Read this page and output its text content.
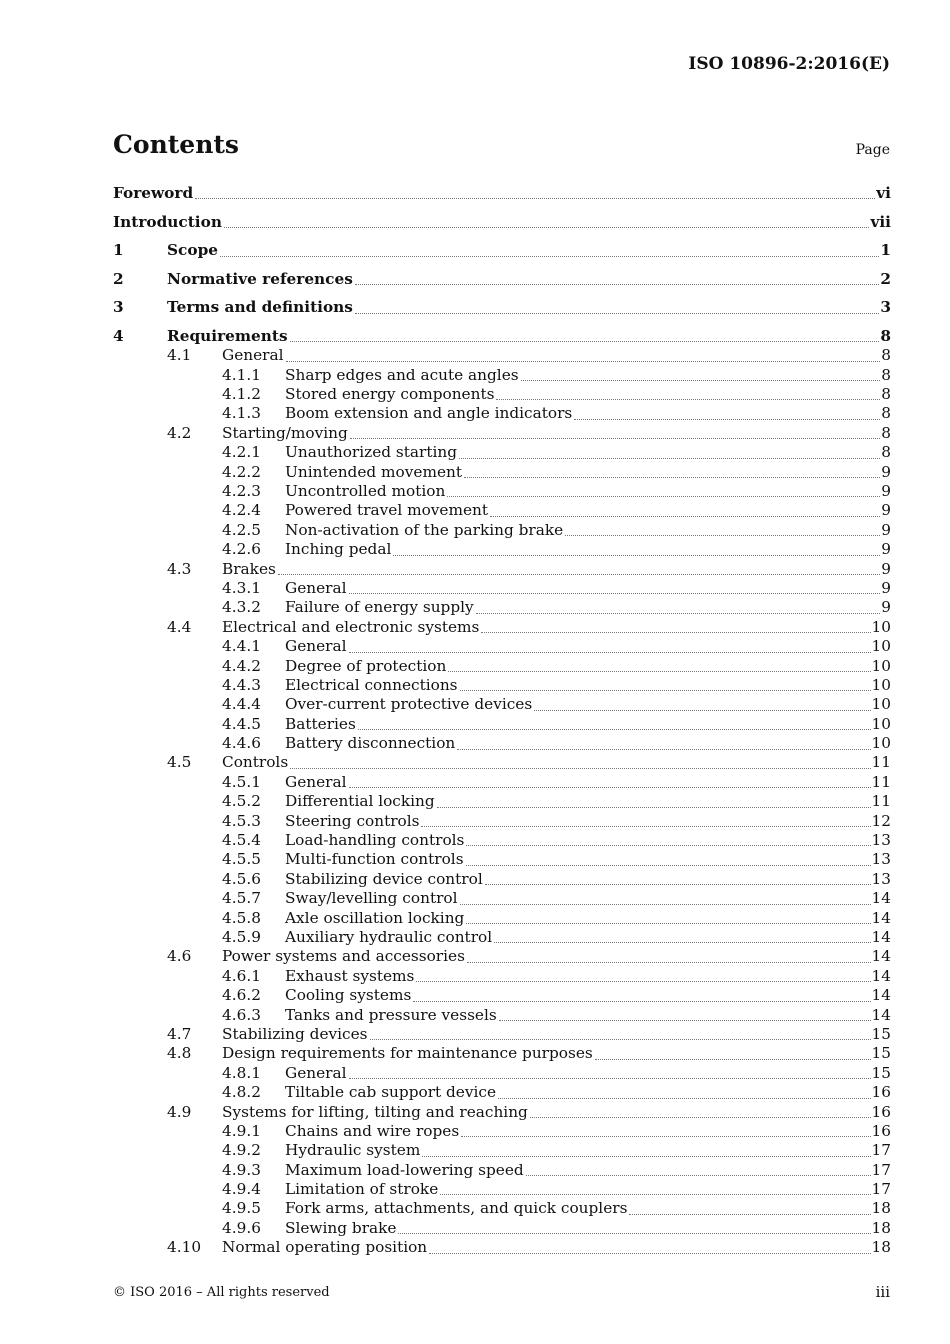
ISO 10896-2:2016(E)
Contents	Page
Foreword	vi
Introduction	vii
1	Scope	1
2	Normative references	2
3	Terms and definitions	3
4	Requirements	8
4.1 General	8
4.1.1 Sharp edges and acute angles	8
4.1.2 Stored energy components	8
4.1.3 Boom extension and angle indicators	8
4.2 Starting/moving	8
4.2.1 Unauthorized starting	8
4.2.2 Unintended movement	9
4.2.3 Uncontrolled motion	9
4.2.4 Powered travel movement	9
4.2.5 Non-activation of the parking brake	9
4.2.6 Inching pedal	9
4.3 Brakes	9
4.3.1 General	9
4.3.2 Failure of energy supply	9
4.4 Electrical and electronic systems	10
4.4.1 General	10
4.4.2 Degree of protection	10
4.4.3 Electrical connections	10
4.4.4 Over-current protective devices	10
4.4.5 Batteries	10
4.4.6 Battery disconnection	10
4.5 Controls	11
4.5.1 General	11
4.5.2 Differential locking	11
4.5.3 Steering controls	12
4.5.4 Load-handling controls	13
4.5.5 Multi-function controls	13
4.5.6 Stabilizing device control	13
4.5.7 Sway/levelling control	14
4.5.8 Axle oscillation locking	14
4.5.9 Auxiliary hydraulic control	14
4.6 Power systems and accessories	14
4.6.1 Exhaust systems	14
4.6.2 Cooling systems	14
4.6.3 Tanks and pressure vessels	14
4.7 Stabilizing devices	15
4.8 Design requirements for maintenance purposes	15
4.8.1 General	15
4.8.2 Tiltable cab support device	16
4.9 Systems for lifting, tilting and reaching	16
4.9.1 Chains and wire ropes	16
4.9.2 Hydraulic system	17
4.9.3 Maximum load-lowering speed	17
4.9.4 Limitation of stroke	17
4.9.5 Fork arms, attachments, and quick couplers	18
4.9.6 Slewing brake	18
4.10 Normal operating position	18
© ISO 2016 – All rights reserved	iii
